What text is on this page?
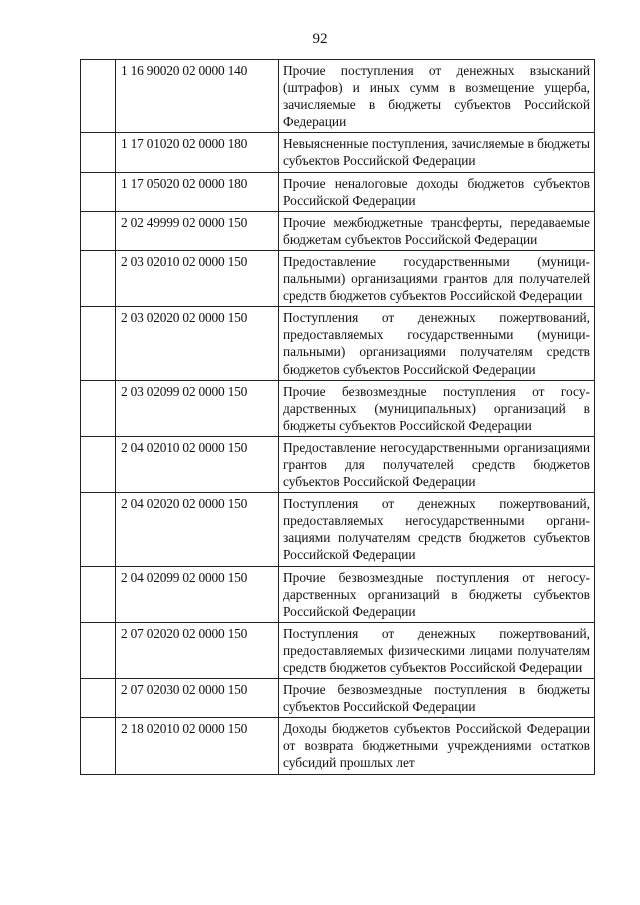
92
	1 16 90020 02 0000 140	Прочие поступления от денежных взысканий (штрафов) и иных сумм в возмещение ущерба, зачисляемые в бюджеты субъектов Российской Федерации
	1 17 01020 02 0000 180	Невыясненные поступления, зачисляемые в бюджеты субъектов Российской Федерации
	1 17 05020 02 0000 180	Прочие неналоговые доходы бюджетов субъектов Российской Федерации
	2 02 49999 02 0000 150	Прочие межбюджетные трансферты, передаваемые бюджетам субъектов Российской Федерации
	2 03 02010 02 0000 150	Предоставление государственными (муниципальными) организациями грантов для получателей средств бюджетов субъектов Российской Федерации
	2 03 02020 02 0000 150	Поступления от денежных пожертвований, предоставляемых государственными (муниципальными) организациями получателям средств бюджетов субъектов Российской Федерации
	2 03 02099 02 0000 150	Прочие безвозмездные поступления от государственных (муниципальных) организаций в бюджеты субъектов Российской Федерации
	2 04 02010 02 0000 150	Предоставление негосударственными организациями грантов для получателей средств бюджетов субъектов Российской Федерации
	2 04 02020 02 0000 150	Поступления от денежных пожертвований, предоставляемых негосударственными организациями получателям средств бюджетов субъектов Российской Федерации
	2 04 02099 02 0000 150	Прочие безвозмездные поступления от негосударственных организаций в бюджеты субъектов Российской Федерации
	2 07 02020 02 0000 150	Поступления от денежных пожертвований, предоставляемых физическими лицами получателям средств бюджетов субъектов Российской Федерации
	2 07 02030 02 0000 150	Прочие безвозмездные поступления в бюджеты субъектов Российской Федерации
	2 18 02010 02 0000 150	Доходы бюджетов субъектов Российской Федерации от возврата бюджетными учреждениями остатков субсидий прошлых лет
